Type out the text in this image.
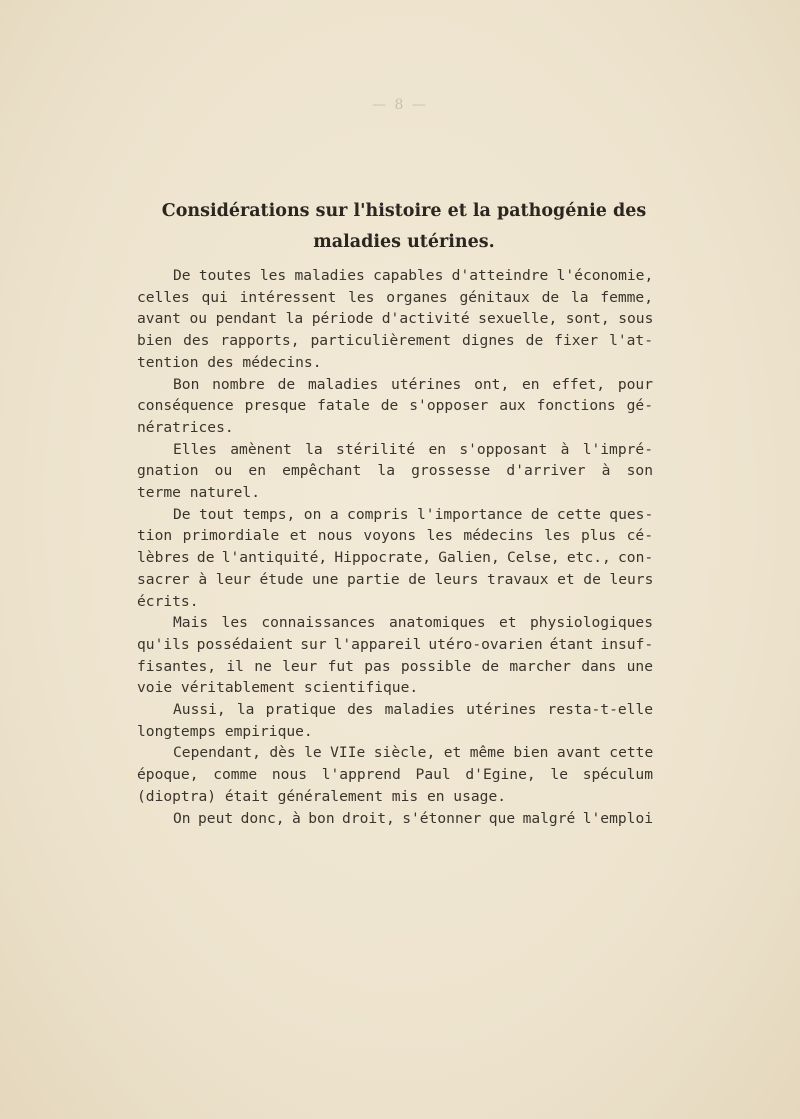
— 8 —
Considérations sur l'histoire et la pathogénie des
maladies utérines.
De toutes les maladies capables d'atteindre l'économie,
celles qui intéressent les organes génitaux de la femme,
avant ou pendant la période d'activité sexuelle, sont, sous
bien des rapports, particulièrement dignes de fixer l'at-
tention des médecins.
Bon nombre de maladies utérines ont, en effet, pour
conséquence presque fatale de s'opposer aux fonctions gé-
nératrices.
Elles amènent la stérilité en s'opposant à l'impré-
gnation ou en empêchant la grossesse d'arriver à son
terme naturel.
De tout temps, on a compris l'importance de cette ques-
tion primordiale et nous voyons les médecins les plus cé-
lèbres de l'antiquité, Hippocrate, Galien, Celse, etc., con-
sacrer à leur étude une partie de leurs travaux et de leurs
écrits.
Mais les connaissances anatomiques et physiologiques
qu'ils possédaient sur l'appareil utéro-ovarien étant insuf-
fisantes, il ne leur fut pas possible de marcher dans une
voie véritablement scientifique.
Aussi, la pratique des maladies utérines resta-t-elle
longtemps empirique.
Cependant, dès le VIIe siècle, et même bien avant cette
époque, comme nous l'apprend Paul d'Egine, le spéculum
(dioptra) était généralement mis en usage.
On peut donc, à bon droit, s'étonner que malgré l'emploi
